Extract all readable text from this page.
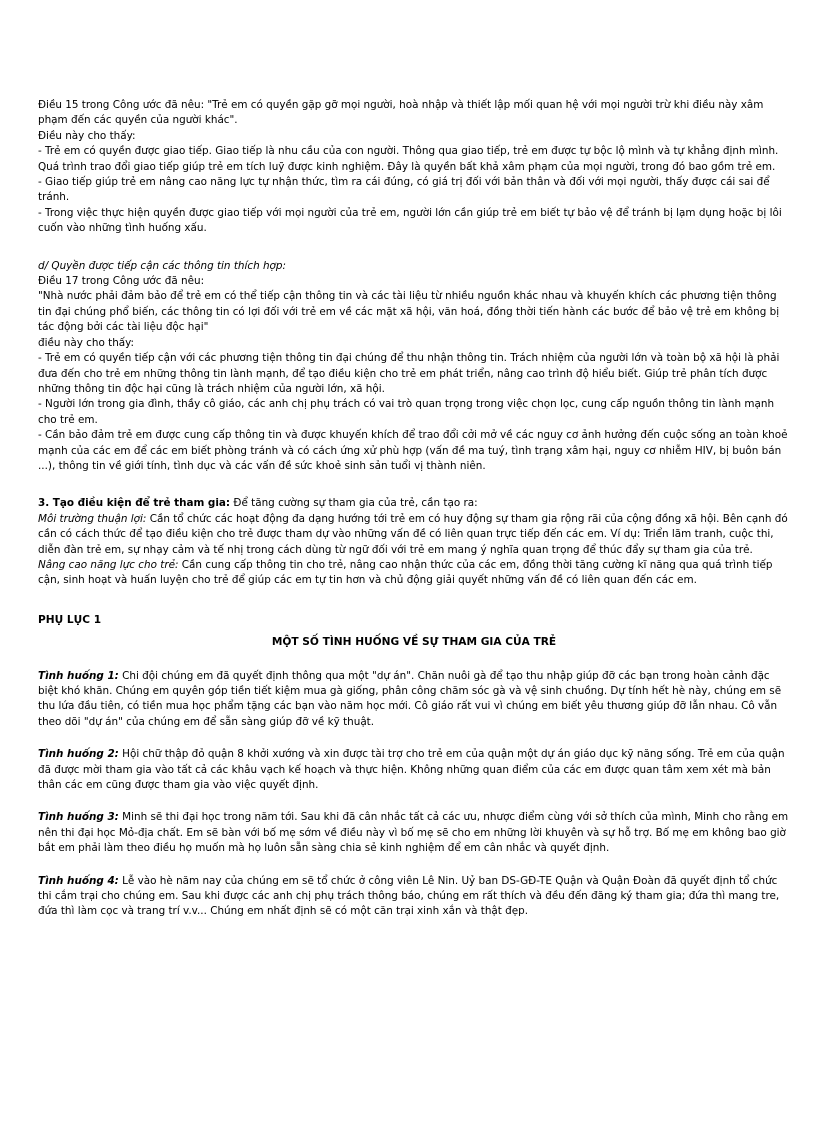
Điều 15 trong Công ước đã nêu: "Trẻ em có quyền gặp gỡ mọi người, hoà nhập và thiết lập mối quan hệ với mọi người trừ khi điều này xâm phạm đến các quyền của người khác".

Điều này cho thấy:

- Trẻ em có quyền được giao tiếp. Giao tiếp là nhu cầu của con người. Thông qua giao tiếp, trẻ em được tự bộc lộ mình và tự khẳng định mình. Quá trình trao đổi giao tiếp giúp trẻ em tích luỹ được kinh nghiệm. Đây là quyền bất khả xâm phạm của mọi người, trong đó bao gồm trẻ em.

- Giao tiếp giúp trẻ em nâng cao năng lực tự nhận thức, tìm ra cái đúng, có giá trị đối với bản thân và đối với mọi người, thấy được cái sai để tránh.

- Trong việc thực hiện quyền được giao tiếp với mọi người của trẻ em, người lớn cần giúp trẻ em biết tự bảo vệ để tránh bị lạm dụng hoặc bị lôi cuốn vào những tình huống xấu.

d/ Quyền được tiếp cận các thông tin thích hợp:

Điều 17 trong Công ước đã nêu:

"Nhà nước phải đảm bảo để trẻ em có thể tiếp cận thông tin và các tài liệu từ nhiều nguồn khác nhau và khuyến khích các phương tiện thông tin đại chúng phổ biến, các thông tin có lợi đối với trẻ em về các mặt xã hội, văn hoá, đồng thời tiến hành các bước để bảo vệ trẻ em không bị tác động bởi các tài liệu độc hại"

điều này cho thấy:

- Trẻ em có quyền tiếp cận với các phương tiện thông tin đại chúng để thu nhận thông tin. Trách nhiệm của người lớn và toàn bộ xã hội là phải đưa đến cho trẻ em những thông tin lành mạnh, để tạo điều kiện cho trẻ em phát triển, nâng cao trình độ hiểu biết. Giúp trẻ phân tích được những thông tin độc hại cũng là trách nhiệm của người lớn, xã hội.

- Người lớn trong gia đình, thầy cô giáo, các anh chị phụ trách có vai trò quan trọng trong việc chọn lọc, cung cấp nguồn thông tin lành mạnh cho trẻ em.

- Cần bảo đảm trẻ em được cung cấp thông tin và được khuyến khích để trao đổi cởi mở về các nguy cơ ảnh hưởng đến cuộc sống an toàn khoẻ mạnh của các em để các em biết phòng tránh và có cách ứng xử phù hợp (vấn đề ma tuý, tình trạng xâm hại, nguy cơ nhiễm HIV, bị buôn bán ...), thông tin về giới tính, tình dục và các vấn đề sức khoẻ sinh sản tuổi vị thành niên.

3. Tạo điều kiện để trẻ tham gia: Để tăng cường sự tham gia của trẻ, cần tạo ra:

Môi trường thuận lợi: Cần tổ chức các hoạt động đa dạng hướng tới trẻ em có huy động sự tham gia rộng rãi của cộng đồng xã hội. Bên cạnh đó cần có cách thức để tạo điều kiện cho trẻ được tham dự vào những vấn đề có liên quan trực tiếp đến các em. Ví dụ: Triển lãm tranh, cuộc thi, diễn đàn trẻ em, sự nhạy cảm và tế nhị trong cách dùng từ ngữ đối với trẻ em mang ý nghĩa quan trọng để thúc đẩy sự tham gia của trẻ.

Nâng cao năng lực cho trẻ: Cần cung cấp thông tin cho trẻ, nâng cao nhận thức của các em, đồng thời tăng cường kĩ năng qua quá trình tiếp cận, sinh hoạt và huấn luyện cho trẻ để giúp các em tự tin hơn và chủ động giải quyết những vấn đề có liên quan đến các em.

PHỤ LỤC 1

MỘT SỐ TÌNH HUỐNG VỀ SỰ THAM GIA CỦA TRẺ

Tình huống 1: Chi đội chúng em đã quyết định thông qua một "dự án". Chăn nuôi gà để tạo thu nhập giúp đỡ các bạn trong hoàn cảnh đặc biệt khó khăn. Chúng em quyên góp tiền tiết kiệm mua gà giống, phân công chăm sóc gà và vệ sinh chuồng. Dự tính hết hè này, chúng em sẽ thu lứa đầu tiên, có tiền mua học phẩm tặng các bạn vào năm học mới. Cô giáo rất vui vì chúng em biết yêu thương giúp đỡ lẫn nhau. Cô vẫn theo dõi "dự án" của chúng em để sẵn sàng giúp đỡ về kỹ thuật.

Tình huống 2: Hội chữ thập đỏ quận 8 khởi xướng và xin được tài trợ cho trẻ em của quận một dự án giáo dục kỹ năng sống. Trẻ em của quận đã được mời tham gia vào tất cả các khâu vạch kế hoạch và thực hiện. Không những quan điểm của các em được quan tâm xem xét mà bản thân các em cũng được tham gia vào việc quyết định.

Tình huống 3: Minh sẽ thi đại học trong năm tới. Sau khi đã cân nhắc tất cả các ưu, nhược điểm cùng với sở thích của mình, Minh cho rằng em nên thi đại học Mỏ-địa chất. Em sẽ bàn với bố mẹ sớm về điều này vì bố mẹ sẽ cho em những lời khuyên và sự hỗ trợ. Bố mẹ em không bao giờ bắt em phải làm theo điều họ muốn mà họ luôn sẵn sàng chia sẻ kinh nghiệm để em cân nhắc và quyết định.

Tình huống 4: Lễ vào hè năm nay của chúng em sẽ tổ chức ở công viên Lê Nin. Uỷ ban DS-GĐ-TE Quận và Quận Đoàn đã quyết định tổ chức thi cắm trại cho chúng em. Sau khi được các anh chị phụ trách thông báo, chúng em rất thích và đều đến đăng ký tham gia; đứa thì mang tre, đứa thì làm cọc và trang trí v.v... Chúng em nhất định sẽ có một căn trại xinh xắn và thật đẹp.
